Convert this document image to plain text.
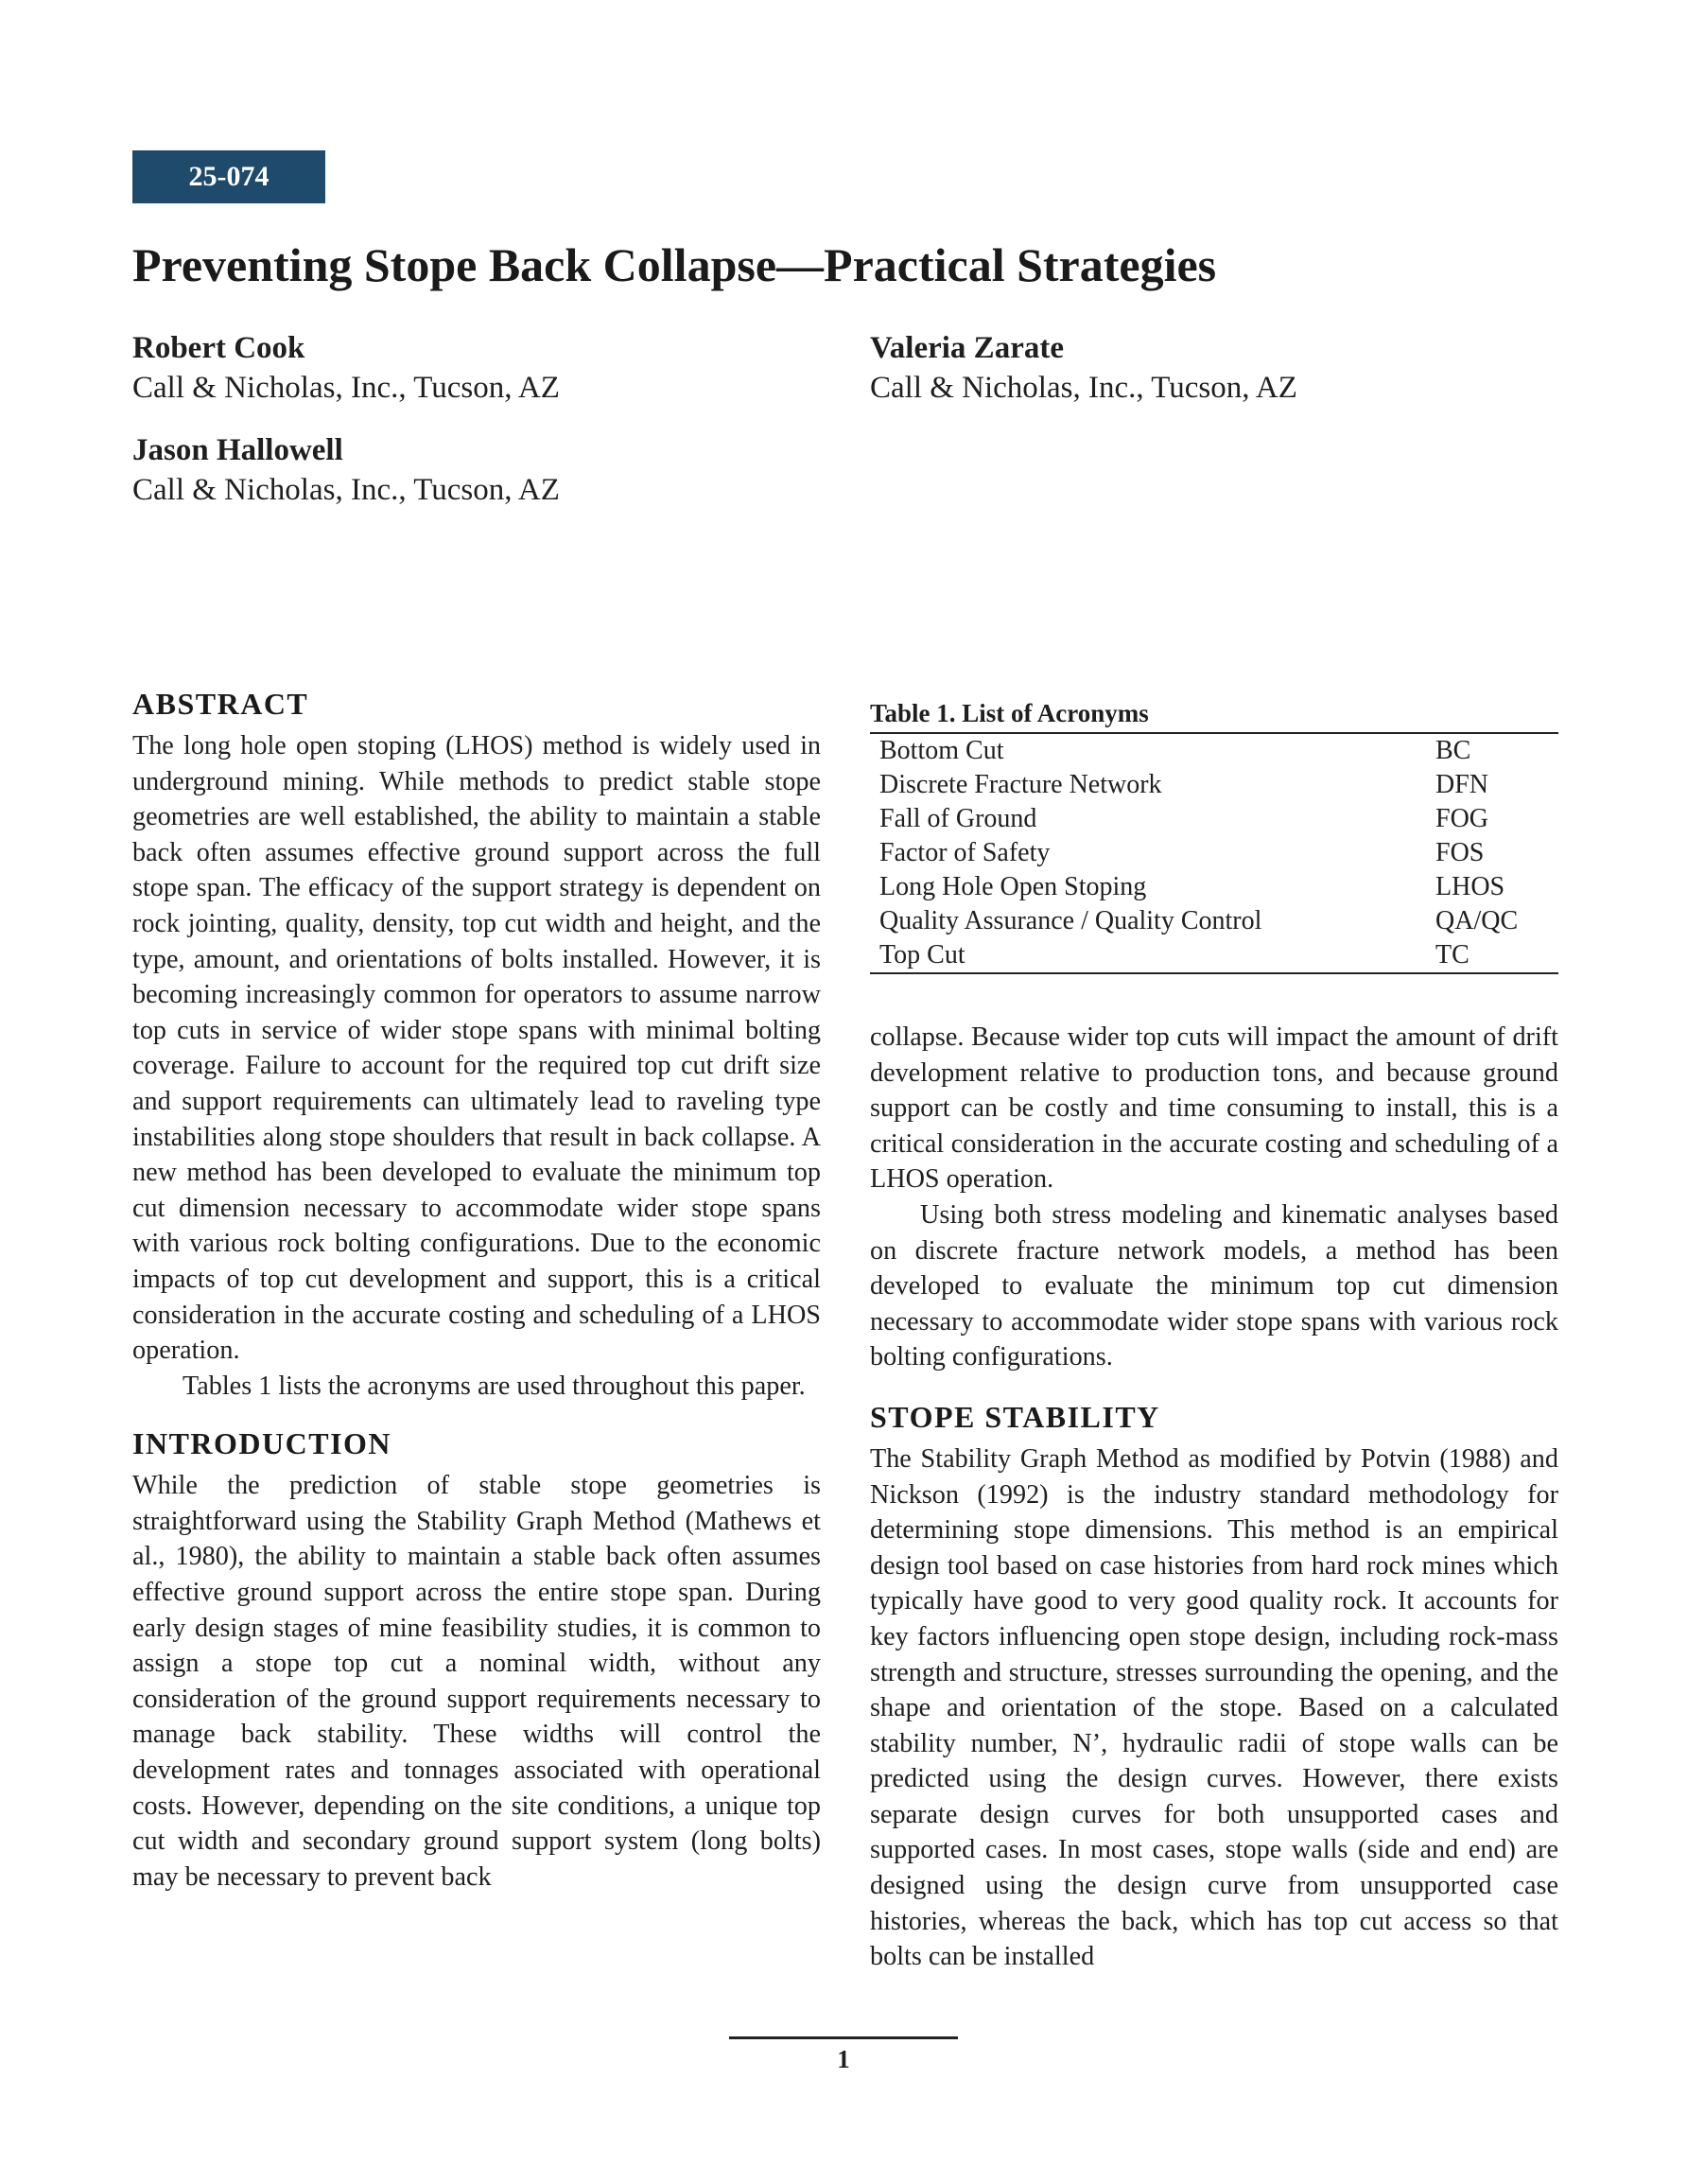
25-074
Preventing Stope Back Collapse—Practical Strategies
Robert Cook
Call & Nicholas, Inc., Tucson, AZ
Valeria Zarate
Call & Nicholas, Inc., Tucson, AZ
Jason Hallowell
Call & Nicholas, Inc., Tucson, AZ
ABSTRACT

The long hole open stoping (LHOS) method is widely used in underground mining. While methods to predict stable stope geometries are well established, the ability to maintain a stable back often assumes effective ground support across the full stope span. The efficacy of the support strategy is dependent on rock jointing, quality, density, top cut width and height, and the type, amount, and orientations of bolts installed. However, it is becoming increasingly common for operators to assume narrow top cuts in service of wider stope spans with minimal bolting coverage. Failure to account for the required top cut drift size and support requirements can ultimately lead to raveling type instabilities along stope shoulders that result in back collapse. A new method has been developed to evaluate the minimum top cut dimension necessary to accommodate wider stope spans with various rock bolting configurations. Due to the economic impacts of top cut development and support, this is a critical consideration in the accurate costing and scheduling of a LHOS operation.

Tables 1 lists the acronyms are used throughout this paper.

INTRODUCTION

While the prediction of stable stope geometries is straightforward using the Stability Graph Method (Mathews et al., 1980), the ability to maintain a stable back often assumes effective ground support across the entire stope span. During early design stages of mine feasibility studies, it is common to assign a stope top cut a nominal width, without any consideration of the ground support requirements necessary to manage back stability. These widths will control the development rates and tonnages associated with operational costs. However, depending on the site conditions, a unique top cut width and secondary ground support system (long bolts) may be necessary to prevent back

Table 1. List of Acronyms
Bottom Cut	BC
Discrete Fracture Network	DFN
Fall of Ground	FOG
Factor of Safety	FOS
Long Hole Open Stoping	LHOS
Quality Assurance / Quality Control	QA/QC
Top Cut	TC

collapse. Because wider top cuts will impact the amount of drift development relative to production tons, and because ground support can be costly and time consuming to install, this is a critical consideration in the accurate costing and scheduling of a LHOS operation.

Using both stress modeling and kinematic analyses based on discrete fracture network models, a method has been developed to evaluate the minimum top cut dimension necessary to accommodate wider stope spans with various rock bolting configurations.

STOPE STABILITY

The Stability Graph Method as modified by Potvin (1988) and Nickson (1992) is the industry standard methodology for determining stope dimensions. This method is an empirical design tool based on case histories from hard rock mines which typically have good to very good quality rock. It accounts for key factors influencing open stope design, including rock-mass strength and structure, stresses surrounding the opening, and the shape and orientation of the stope. Based on a calculated stability number, N’, hydraulic radii of stope walls can be predicted using the design curves. However, there exists separate design curves for both unsupported cases and supported cases. In most cases, stope walls (side and end) are designed using the design curve from unsupported case histories, whereas the back, which has top cut access so that bolts can be installed

1
